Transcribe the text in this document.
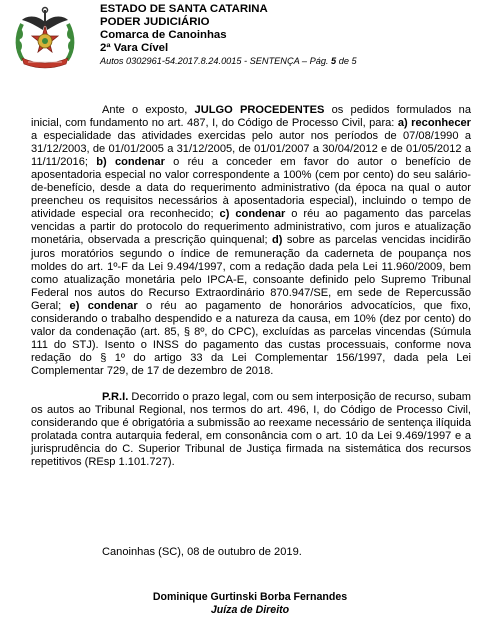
ESTADO DE SANTA CATARINA
PODER JUDICIÁRIO
Comarca de Canoinhas
2ª Vara Cível
Autos 0302961-54.2017.8.24.0015 - SENTENÇA – Pág. 5 de 5

Ante o exposto, JULGO PROCEDENTES os pedidos formulados na inicial, com fundamento no art. 487, I, do Código de Processo Civil, para: a) reconhecer a especialidade das atividades exercidas pelo autor nos períodos de 07/08/1990 a 31/12/2003, de 01/01/2005 a 31/12/2005, de 01/01/2007 a 30/04/2012 e de 01/05/2012 a 11/11/2016; b) condenar o réu a conceder em favor do autor o benefício de aposentadoria especial no valor correspondente a 100% (cem por cento) do seu salário-de-benefício, desde a data do requerimento administrativo (da época na qual o autor preencheu os requisitos necessários à aposentadoria especial), incluindo o tempo de atividade especial ora reconhecido; c) condenar o réu ao pagamento das parcelas vencidas a partir do protocolo do requerimento administrativo, com juros e atualização monetária, observada a prescrição quinquenal; d) sobre as parcelas vencidas incidirão juros moratórios segundo o índice de remuneração da caderneta de poupança nos moldes do art. 1º-F da Lei 9.494/1997, com a redação dada pela Lei 11.960/2009, bem como atualização monetária pelo IPCA-E, consoante definido pelo Supremo Tribunal Federal nos autos do Recurso Extraordinário 870.947/SE, em sede de Repercussão Geral; e) condenar o réu ao pagamento de honorários advocatícios, que fixo, considerando o trabalho despendido e a natureza da causa, em 10% (dez por cento) do valor da condenação (art. 85, § 8º, do CPC), excluídas as parcelas vincendas (Súmula 111 do STJ). Isento o INSS do pagamento das custas processuais, conforme nova redação do § 1º do artigo 33 da Lei Complementar 156/1997, dada pela Lei Complementar 729, de 17 de dezembro de 2018.

P.R.I. Decorrido o prazo legal, com ou sem interposição de recurso, subam os autos ao Tribunal Regional, nos termos do art. 496, I, do Código de Processo Civil, considerando que é obrigatória a submissão ao reexame necessário de sentença ilíquida prolatada contra autarquia federal, em consonância com o art. 10 da Lei 9.469/1997 e a jurisprudência do C. Superior Tribunal de Justiça firmada na sistemática dos recursos repetitivos (REsp 1.101.727).

Canoinhas (SC), 08 de outubro de 2019.
Dominique Gurtinski Borba Fernandes
Juíza de Direito
